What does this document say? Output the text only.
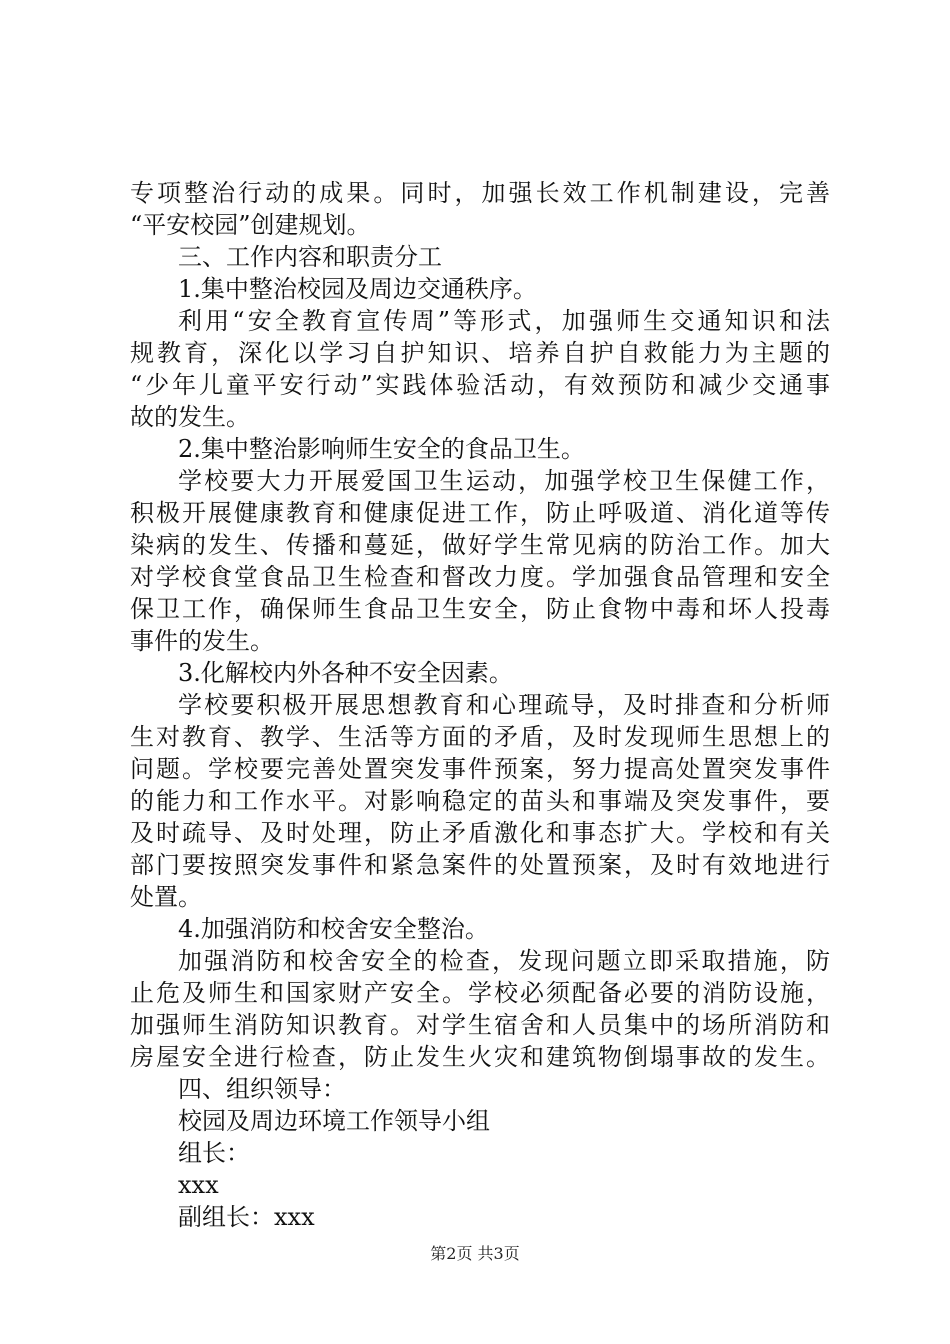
专项整治行动的成果。同时，加强长效工作机制建设，完善
“平安校园”创建规划。
三、工作内容和职责分工
1.集中整治校园及周边交通秩序。
利用“安全教育宣传周”等形式，加强师生交通知识和法
规教育，深化以学习自护知识、培养自护自救能力为主题的
“少年儿童平安行动”实践体验活动，有效预防和减少交通事
故的发生。
2.集中整治影响师生安全的食品卫生。
学校要大力开展爱国卫生运动，加强学校卫生保健工作，
积极开展健康教育和健康促进工作，防止呼吸道、消化道等传
染病的发生、传播和蔓延，做好学生常见病的防治工作。加大
对学校食堂食品卫生检查和督改力度。学加强食品管理和安全
保卫工作，确保师生食品卫生安全，防止食物中毒和坏人投毒
事件的发生。
3.化解校内外各种不安全因素。
学校要积极开展思想教育和心理疏导，及时排查和分析师
生对教育、教学、生活等方面的矛盾，及时发现师生思想上的
问题。学校要完善处置突发事件预案，努力提高处置突发事件
的能力和工作水平。对影响稳定的苗头和事端及突发事件，要
及时疏导、及时处理，防止矛盾激化和事态扩大。学校和有关
部门要按照突发事件和紧急案件的处置预案，及时有效地进行
处置。
4.加强消防和校舍安全整治。
加强消防和校舍安全的检查，发现问题立即采取措施，防
止危及师生和国家财产安全。学校必须配备必要的消防设施，
加强师生消防知识教育。对学生宿舍和人员集中的场所消防和
房屋安全进行检查，防止发生火灾和建筑物倒塌事故的发生。
四、组织领导：
校园及周边环境工作领导小组
组长：
xxx
副组长：xxx
第2页 共3页
